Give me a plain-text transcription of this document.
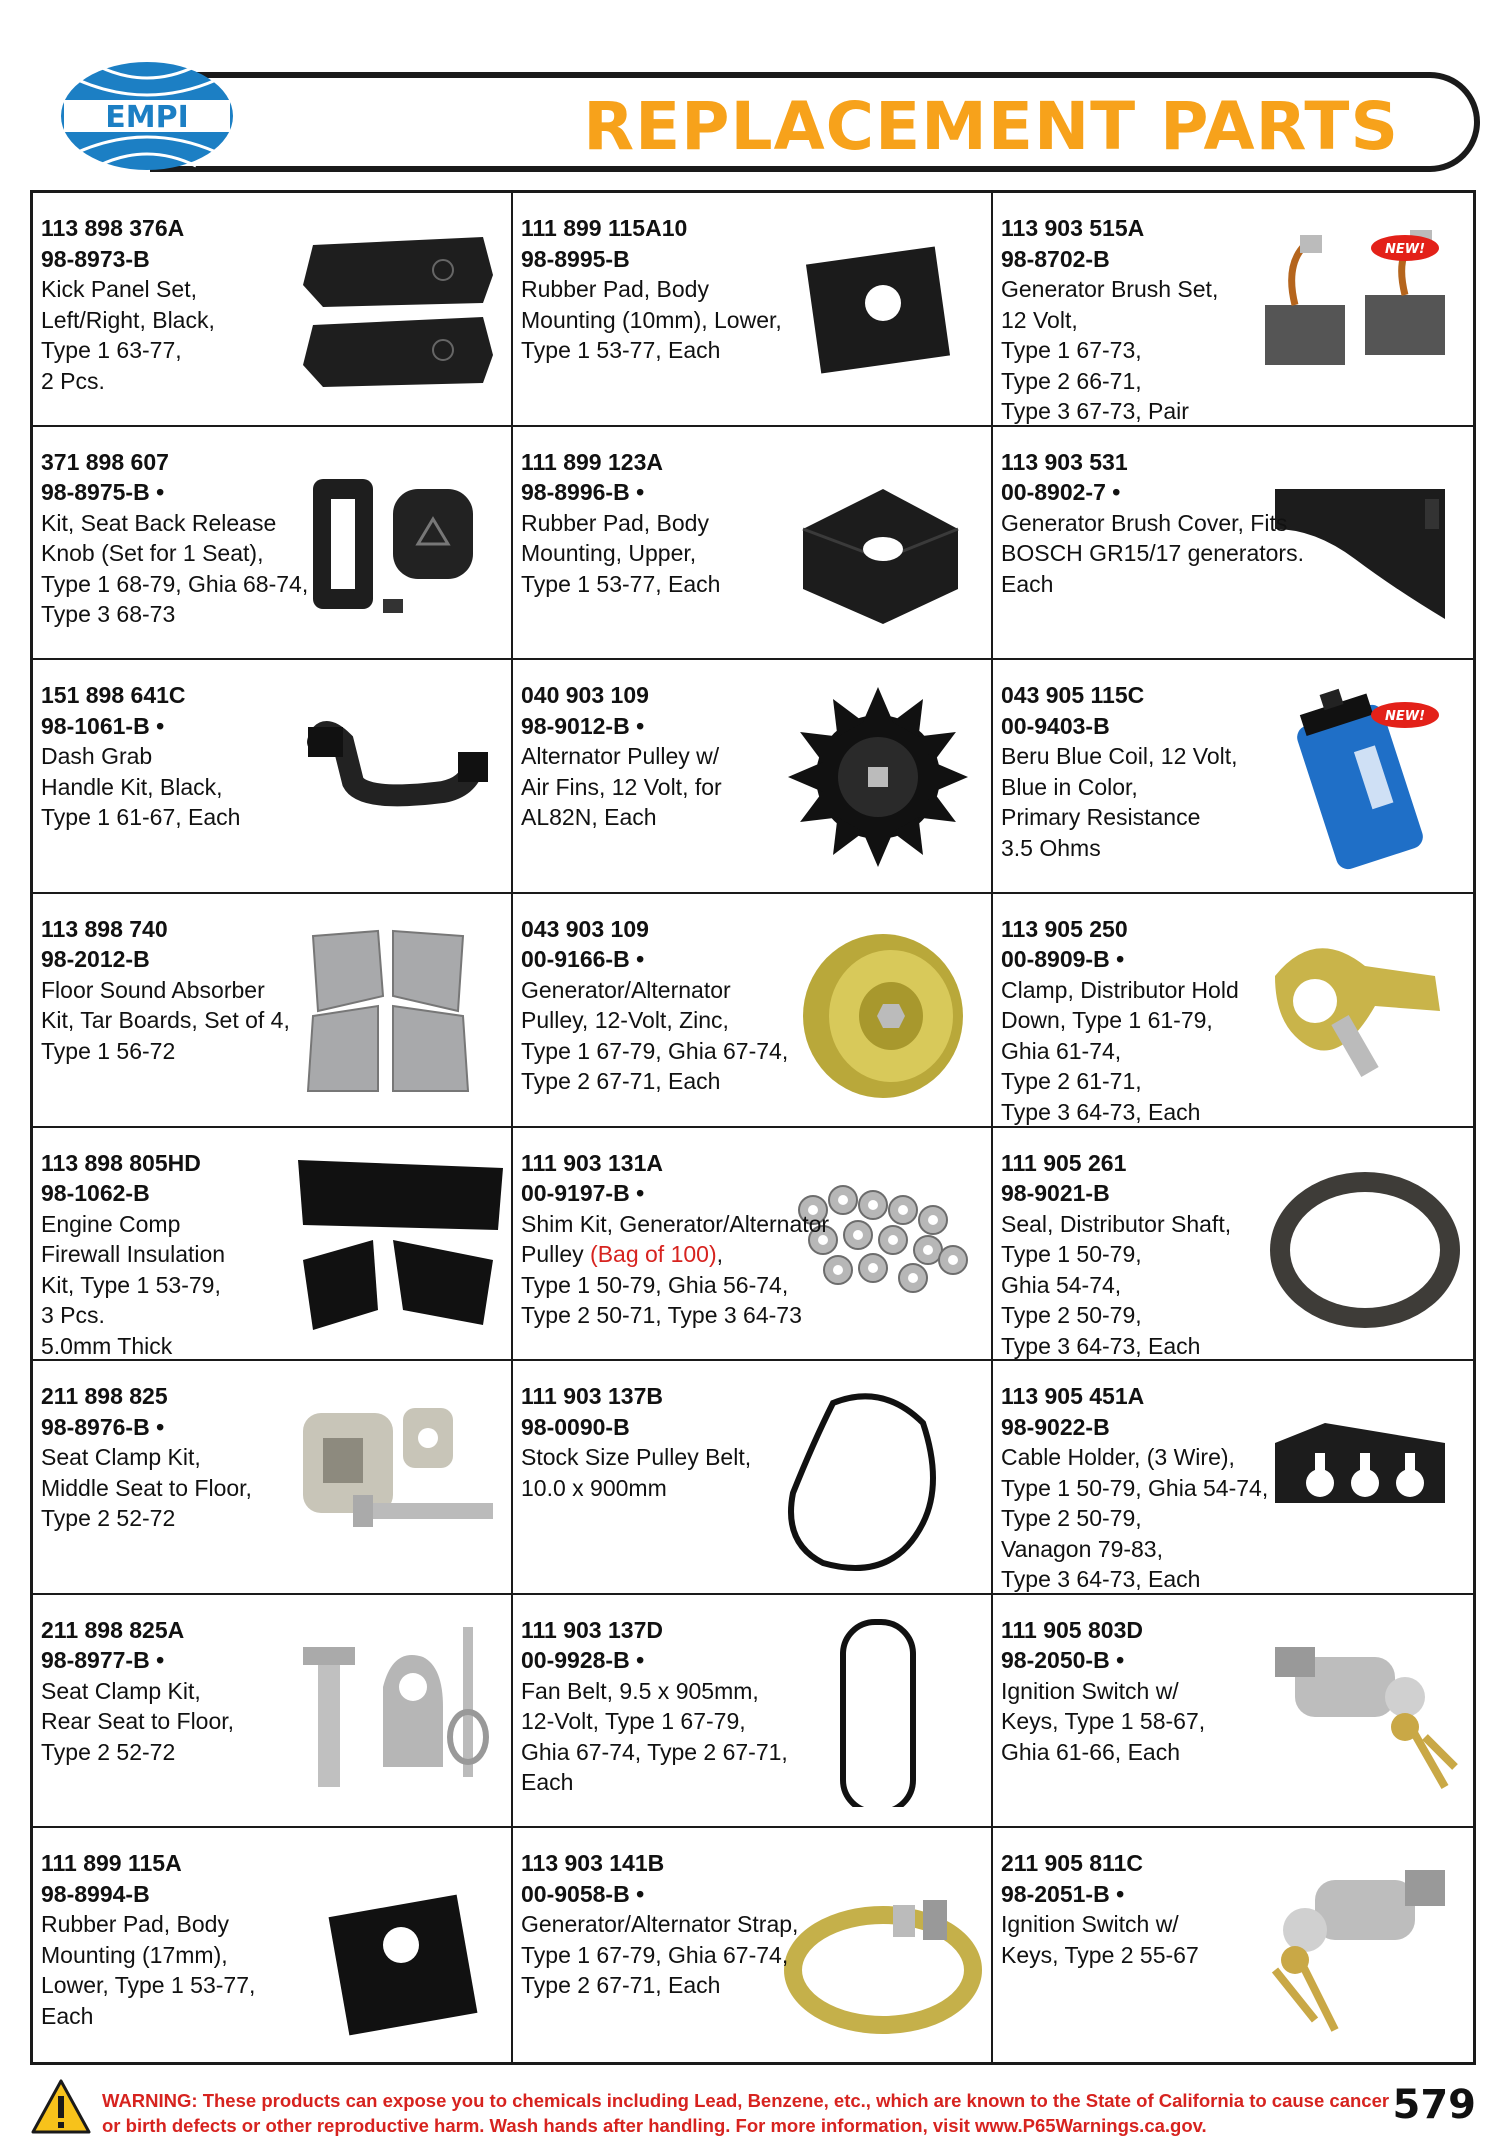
REPLACEMENT PARTS
EMPI
113 898 376A
98-8973-B
Kick Panel Set,
Left/Right, Black,
Type 1 63-77,
2 Pcs.
111 899 115A10
98-8995-B
Rubber Pad, Body
Mounting (10mm), Lower,
Type 1 53-77, Each
113 903 515A
98-8702-B
Generator Brush Set,
12 Volt,
Type 1 67-73,
Type 2 66-71,
Type 3 67-73, Pair
NEW!
371 898 607
98-8975-B •
Kit, Seat Back Release
Knob (Set for 1 Seat),
Type 1 68-79, Ghia 68-74,
Type 3 68-73
111 899 123A
98-8996-B •
Rubber Pad, Body
Mounting, Upper,
Type 1 53-77, Each
113 903 531
00-8902-7 •
Generator Brush Cover, Fits
BOSCH GR15/17 generators.
Each
151 898 641C
98-1061-B •
Dash Grab
Handle Kit, Black,
Type 1 61-67, Each
040 903 109
98-9012-B •
Alternator Pulley w/
Air Fins, 12 Volt, for
AL82N, Each
043 905 115C
00-9403-B
Beru Blue Coil, 12 Volt,
Blue in Color,
Primary Resistance
3.5 Ohms
NEW!
113 898 740
98-2012-B
Floor Sound Absorber
Kit, Tar Boards, Set of 4,
Type 1 56-72
043 903 109
00-9166-B •
Generator/Alternator
Pulley, 12-Volt, Zinc,
Type 1 67-79, Ghia 67-74,
Type 2 67-71, Each
113 905 250
00-8909-B •
Clamp, Distributor Hold
Down, Type 1 61-79,
Ghia 61-74,
Type 2 61-71,
Type 3 64-73, Each
113 898 805HD
98-1062-B
Engine Comp
Firewall Insulation
Kit, Type 1 53-79,
3 Pcs.
5.0mm Thick
111 903 131A
00-9197-B •
Shim Kit, Generator/Alternator
Pulley (Bag of 100),
Type 1 50-79, Ghia 56-74,
Type 2 50-71, Type 3 64-73
111 905 261
98-9021-B
Seal, Distributor Shaft,
Type 1 50-79,
Ghia 54-74,
Type 2 50-79,
Type 3 64-73, Each
211 898 825
98-8976-B •
Seat Clamp Kit,
Middle Seat to Floor,
Type 2 52-72
111 903 137B
98-0090-B
Stock Size Pulley Belt,
10.0 x 900mm
113 905 451A
98-9022-B
Cable Holder, (3 Wire),
Type 1 50-79, Ghia 54-74,
Type 2 50-79,
Vanagon 79-83,
Type 3 64-73, Each
211 898 825A
98-8977-B •
Seat Clamp Kit,
Rear Seat to Floor,
Type 2 52-72
111 903 137D
00-9928-B •
Fan Belt, 9.5 x 905mm,
12-Volt, Type 1 67-79,
Ghia 67-74, Type 2 67-71,
Each
111 905 803D
98-2050-B •
Ignition Switch w/
Keys, Type 1 58-67,
Ghia 61-66, Each
111 899 115A
98-8994-B
Rubber Pad, Body
Mounting (17mm),
Lower, Type 1 53-77,
Each
113 903 141B
00-9058-B •
Generator/Alternator Strap,
Type 1 67-79, Ghia 67-74,
Type 2 67-71, Each
211 905 811C
98-2051-B •
Ignition Switch w/
Keys, Type 2 55-67
WARNING: These products can expose you to chemicals including Lead, Benzene, etc., which are known to the State of California to cause cancer or birth defects or other reproductive harm. Wash hands after handling. For more information, visit www.P65Warnings.ca.gov.	579
